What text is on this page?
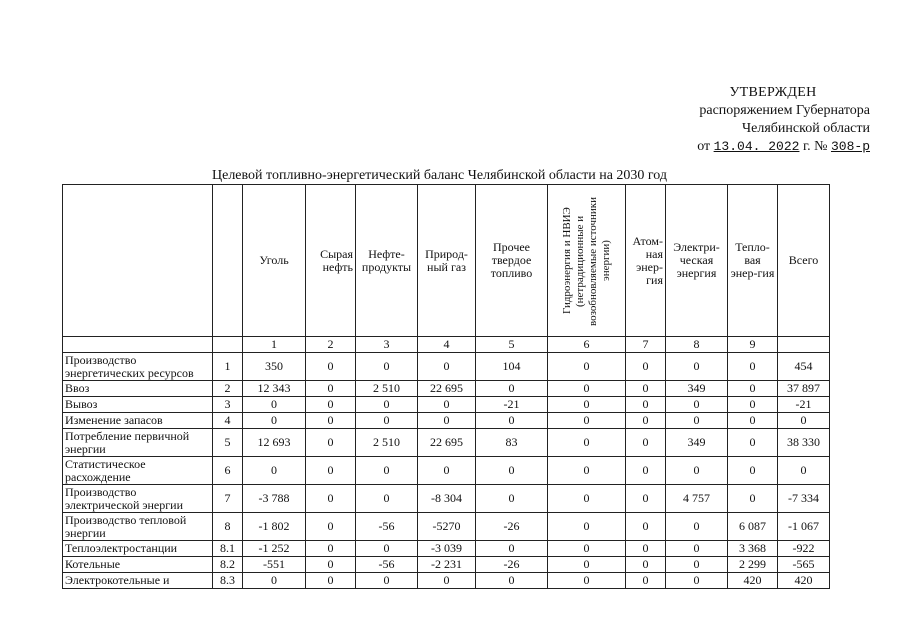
УТВЕРЖДЕН
распоряжением Губернатора
Челябинской области
от 13.04. 2022 г. № 308-р
Целевой топливно-энергетический баланс Челябинской области на 2030 год
		Уголь	Сырая нефть	Нефте-продукты	Природ-ный газ	Прочее твердое топливо	Гидроэнергия и НВИЭ (нетрадиционные и возобновляемые источники энергии)	Атом-ная энер-гия	Электри-ческая энергия	Тепло-вая энер-гия	Всего
		1	2	3	4	5	6	7	8	9	
Производство энергетических ресурсов	1	350	0	0	0	104	0	0	0	0	454
Ввоз	2	12 343	0	2 510	22 695	0	0	0	349	0	37 897
Вывоз	3	0	0	0	0	-21	0	0	0	0	-21
Изменение запасов	4	0	0	0	0	0	0	0	0	0	0
Потребление первичной энергии	5	12 693	0	2 510	22 695	83	0	0	349	0	38 330
Статистическое расхождение	6	0	0	0	0	0	0	0	0	0	0
Производство электрической энергии	7	-3 788	0	0	-8 304	0	0	0	4 757	0	-7 334
Производство тепловой энергии	8	-1 802	0	-56	-5270	-26	0	0	0	6 087	-1 067
Теплоэлектростанции	8.1	-1 252	0	0	-3 039	0	0	0	0	3 368	-922
Котельные	8.2	-551	0	-56	-2 231	-26	0	0	0	2 299	-565
Электрокотельные и	8.3	0	0	0	0	0	0	0	0	420	420
